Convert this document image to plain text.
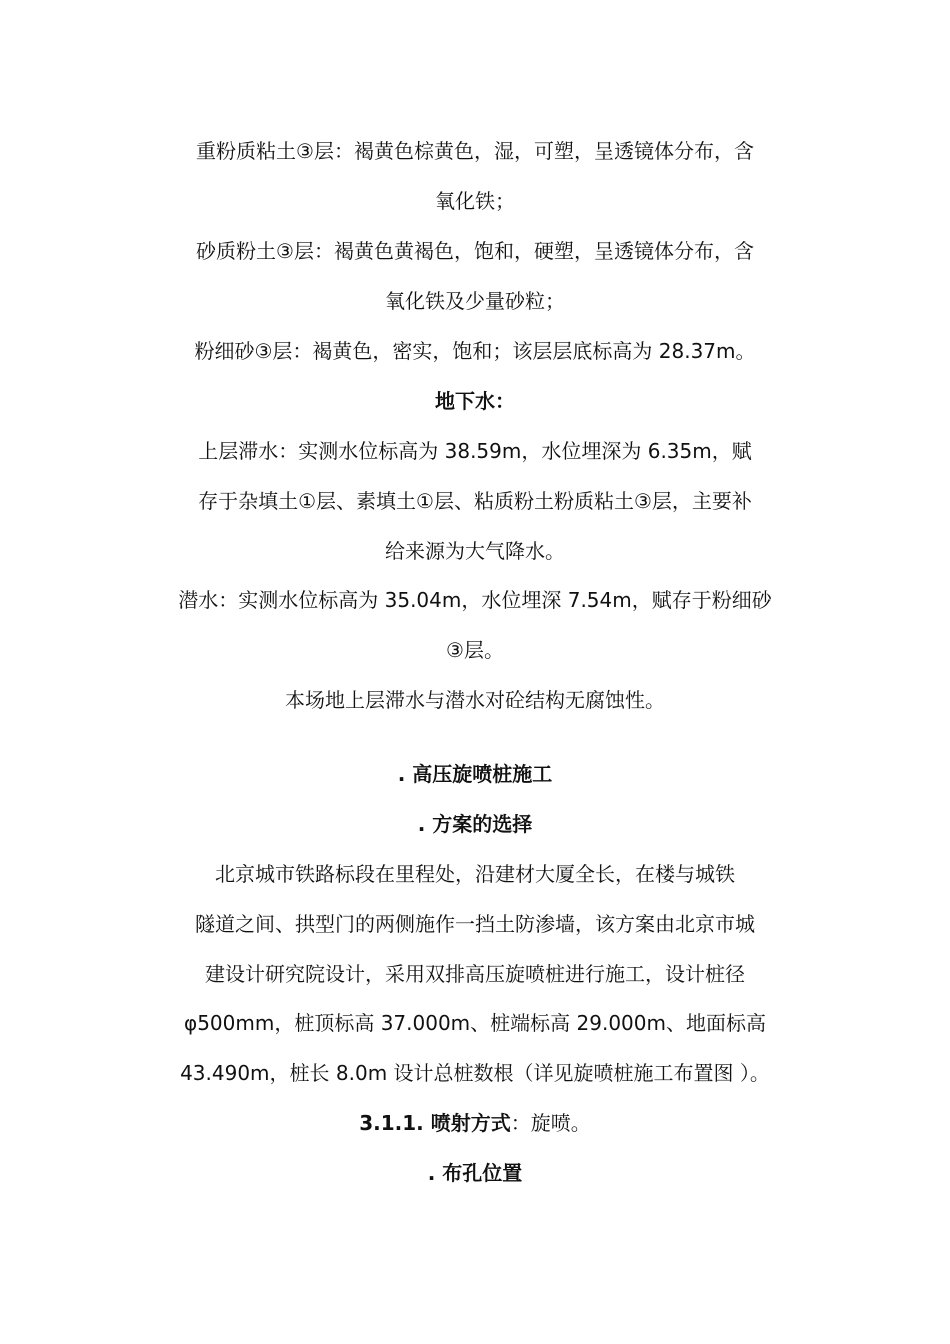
重粉质粘土③层：褐黄色棕黄色，湿，可塑，呈透镜体分布，含
氧化铁；
砂质粉土③层：褐黄色黄褐色，饱和，硬塑，呈透镜体分布，含
氧化铁及少量砂粒；
粉细砂③层：褐黄色，密实，饱和；该层层底标高为 28.37m。
地下水：
上层滞水：实测水位标高为 38.59m，水位埋深为 6.35m，赋
存于杂填土①层、素填土①层、粘质粉土粉质粘土③层，主要补
给来源为大气降水。
潜水：实测水位标高为 35.04m，水位埋深 7.54m，赋存于粉细砂
③层。
本场地上层滞水与潜水对砼结构无腐蚀性。
. 高压旋喷桩施工
. 方案的选择
北京城市铁路标段在里程处，沿建材大厦全长，在楼与城铁
隧道之间、拱型门的两侧施作一挡土防渗墙，该方案由北京市城
建设计研究院设计，采用双排高压旋喷桩进行施工，设计桩径
φ500mm，桩顶标高 37.000m、桩端标高 29.000m、地面标高
43.490m，桩长 8.0m 设计总桩数根（详见旋喷桩施工布置图 ）。
3.1.1. 喷射方式：旋喷。
. 布孔位置
